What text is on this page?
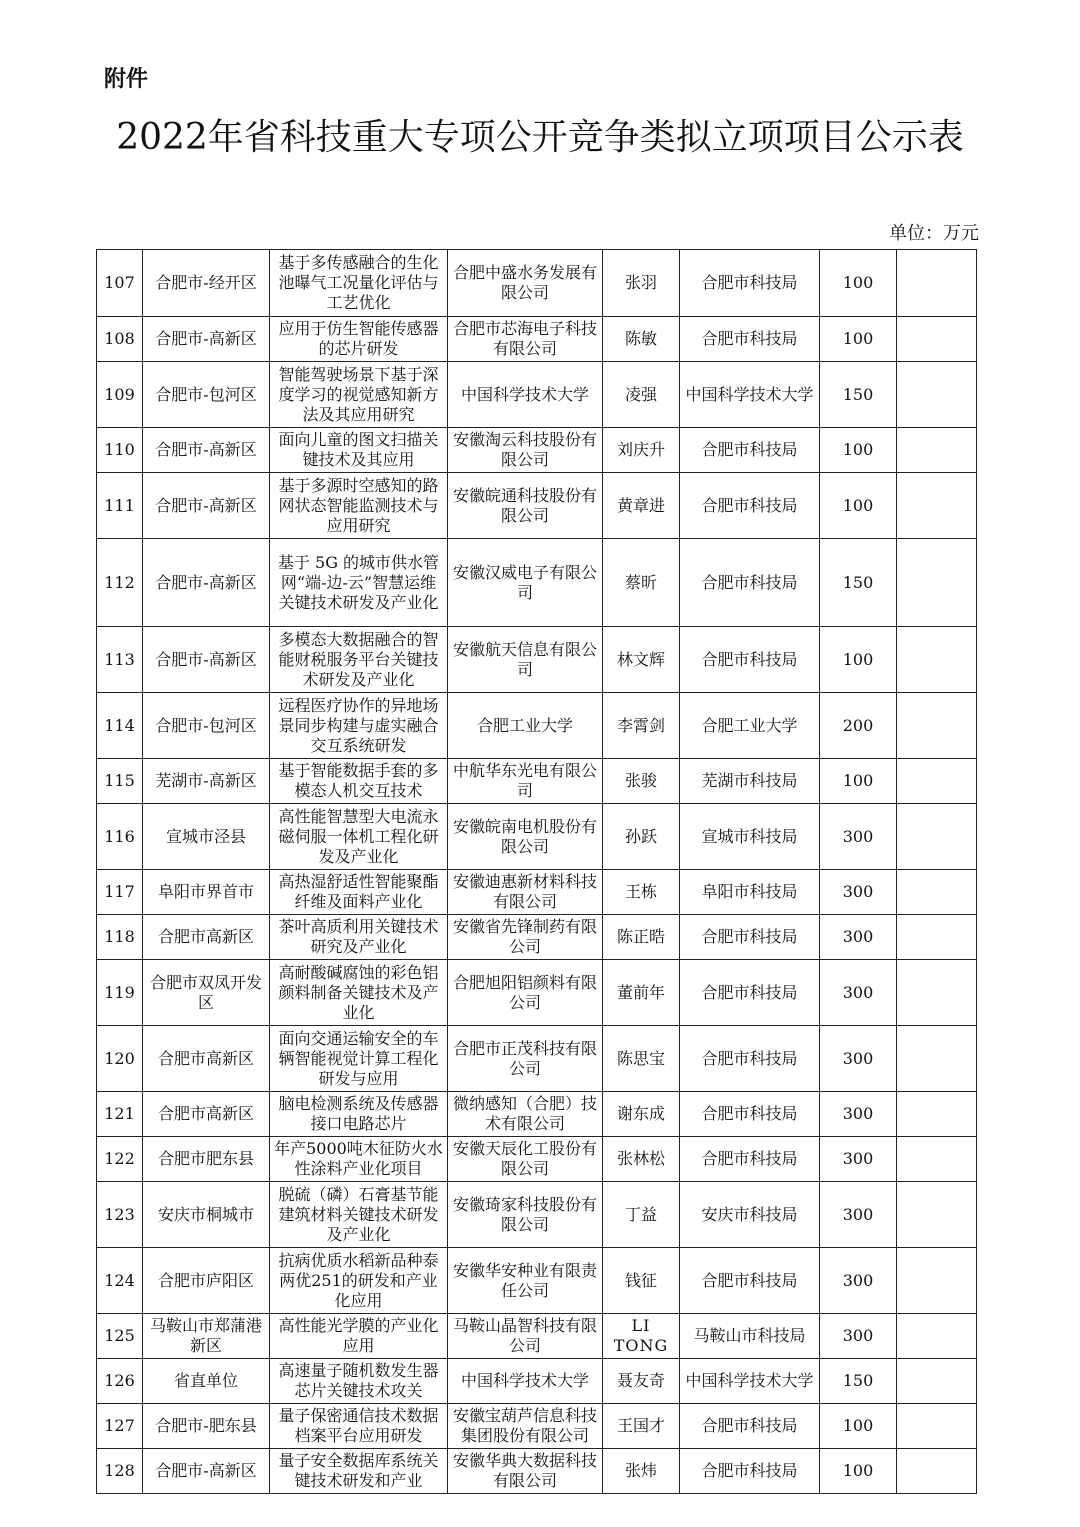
附件
2022年省科技重大专项公开竞争类拟立项项目公示表
单位：万元
107	合肥市-经开区	基于多传感融合的生化池曝气工况量化评估与工艺优化	合肥中盛水务发展有限公司	张羽	合肥市科技局	100	
108	合肥市-高新区	应用于仿生智能传感器的芯片研发	合肥市芯海电子科技有限公司	陈敏	合肥市科技局	100	
109	合肥市-包河区	智能驾驶场景下基于深度学习的视觉感知新方法及其应用研究	中国科学技术大学	凌强	中国科学技术大学	150	
110	合肥市-高新区	面向儿童的图文扫描关键技术及其应用	安徽淘云科技股份有限公司	刘庆升	合肥市科技局	100	
111	合肥市-高新区	基于多源时空感知的路网状态智能监测技术与应用研究	安徽皖通科技股份有限公司	黄章进	合肥市科技局	100	
112	合肥市-高新区	基于 5G 的城市供水管网“端-边-云”智慧运维关键技术研发及产业化	安徽汉威电子有限公司	蔡昕	合肥市科技局	150	
113	合肥市-高新区	多模态大数据融合的智能财税服务平台关键技术研发及产业化	安徽航天信息有限公司	林文辉	合肥市科技局	100	
114	合肥市-包河区	远程医疗协作的异地场景同步构建与虚实融合交互系统研发	合肥工业大学	李霄剑	合肥工业大学	200	
115	芜湖市-高新区	基于智能数据手套的多模态人机交互技术	中航华东光电有限公司	张骏	芜湖市科技局	100	
116	宣城市泾县	高性能智慧型大电流永磁伺服一体机工程化研发及产业化	安徽皖南电机股份有限公司	孙跃	宣城市科技局	300	
117	阜阳市界首市	高热湿舒适性智能聚酯纤维及面料产业化	安徽迪惠新材料科技有限公司	王栋	阜阳市科技局	300	
118	合肥市高新区	茶叶高质利用关键技术研究及产业化	安徽省先锋制药有限公司	陈正晧	合肥市科技局	300	
119	合肥市双凤开发区	高耐酸碱腐蚀的彩色铝颜料制备关键技术及产业化	合肥旭阳铝颜料有限公司	董前年	合肥市科技局	300	
120	合肥市高新区	面向交通运输安全的车辆智能视觉计算工程化研发与应用	合肥市正茂科技有限公司	陈思宝	合肥市科技局	300	
121	合肥市高新区	脑电检测系统及传感器接口电路芯片	微纳感知（合肥）技术有限公司	谢东成	合肥市科技局	300	
122	合肥市肥东县	年产5000吨木征防火水性涂料产业化项目	安徽天辰化工股份有限公司	张林松	合肥市科技局	300	
123	安庆市桐城市	脱硫（磷）石膏基节能建筑材料关键技术研发及产业化	安徽琦家科技股份有限公司	丁益	安庆市科技局	300	
124	合肥市庐阳区	抗病优质水稻新品种泰两优251的研发和产业化应用	安徽华安种业有限责任公司	钱征	合肥市科技局	300	
125	马鞍山市郑蒲港新区	高性能光学膜的产业化应用	马鞍山晶智科技有限公司	LI TONG	马鞍山市科技局	300	
126	省直单位	高速量子随机数发生器芯片关键技术攻关	中国科学技术大学	聂友奇	中国科学技术大学	150	
127	合肥市-肥东县	量子保密通信技术数据档案平台应用研发	安徽宝葫芦信息科技集团股份有限公司	王国才	合肥市科技局	100	
128	合肥市-高新区	量子安全数据库系统关键技术研发和产业	安徽华典大数据科技有限公司	张炜	合肥市科技局	100	
